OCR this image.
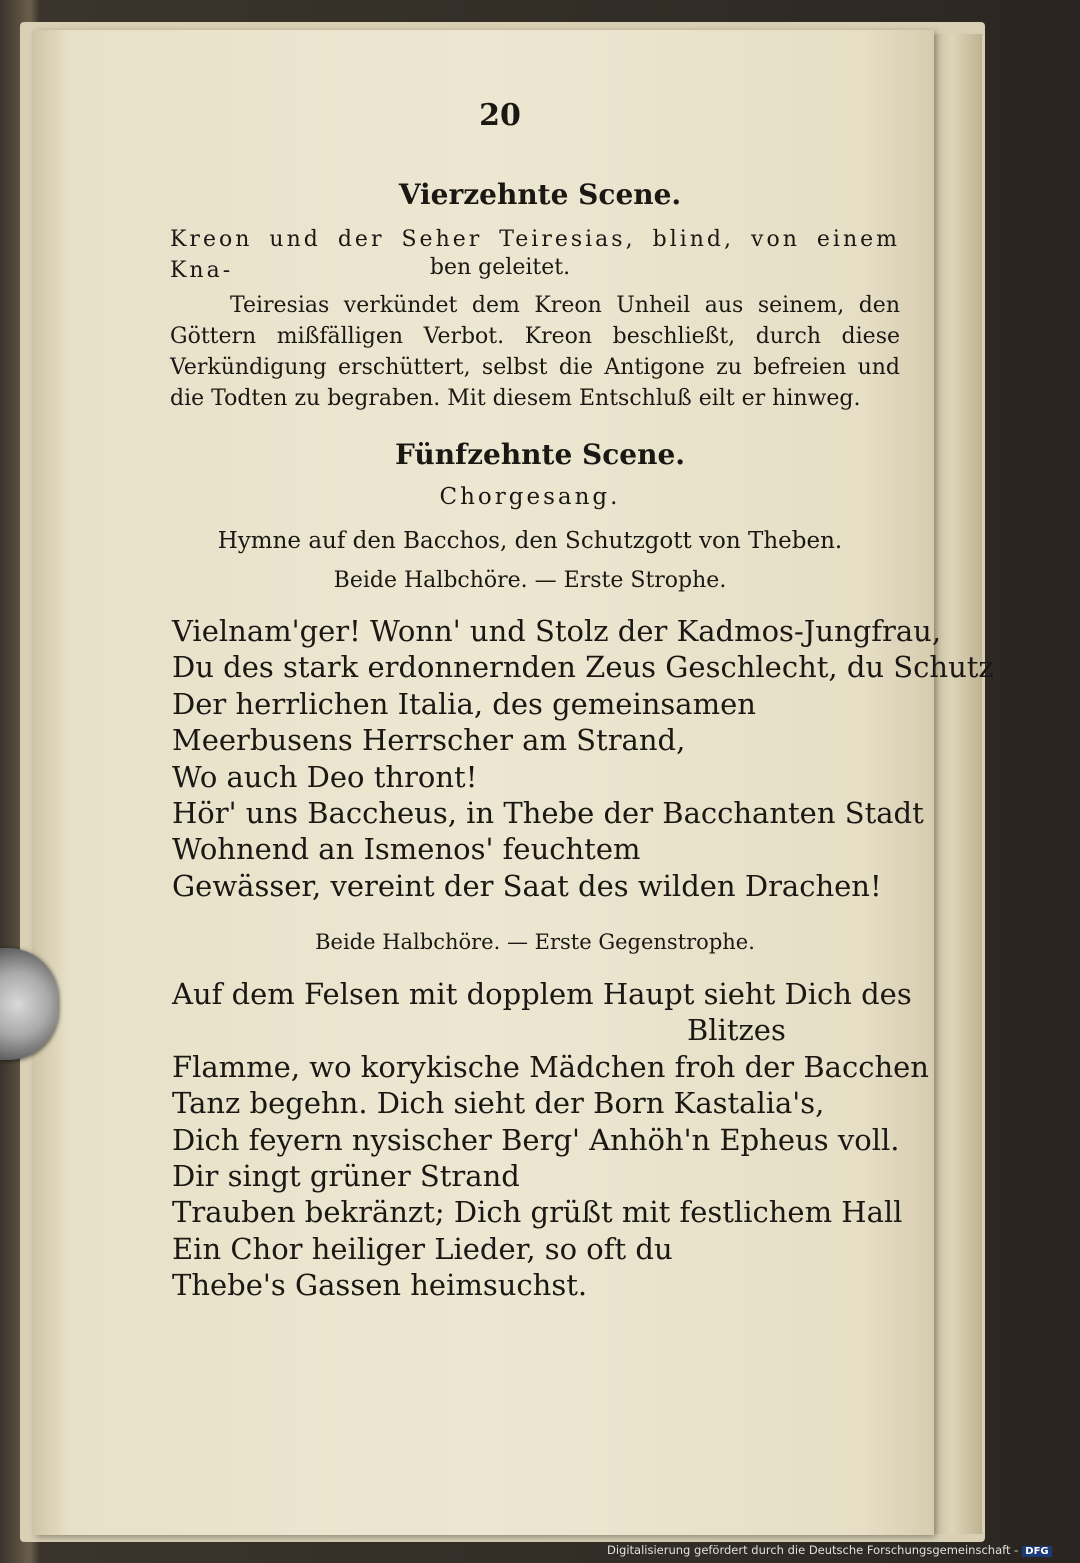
20
Vierzehnte Scene.
Kreon und der Seher Teiresias, blind, von einem Kna-	ben geleitet.
Teiresias verkündet dem Kreon Unheil aus seinem, den Göttern mißfälligen Verbot. Kreon beschließt, durch diese Verkündigung erschüttert, selbst die Antigone zu befreien und die Todten zu begraben. Mit diesem Entschluß eilt er hinweg.
Fünfzehnte Scene.
Chorgesang.
Hymne auf den Bacchos, den Schutzgott von Theben.
Beide Halbchöre. — Erste Strophe.
Vielnam'ger! Wonn' und Stolz der Kadmos-Jungfrau,
Du des stark erdonnernden Zeus Geschlecht, du Schutz
Der herrlichen Italia, des gemeinsamen
Meerbusens Herrscher am Strand,
Wo auch Deo thront!
Hör' uns Baccheus, in Thebe der Bacchanten Stadt
Wohnend an Ismenos' feuchtem
Gewässer, vereint der Saat des wilden Drachen!
Beide Halbchöre. — Erste Gegenstrophe.
Auf dem Felsen mit dopplem Haupt sieht Dich des
Blitzes
Flamme, wo korykische Mädchen froh der Bacchen
Tanz begehn. Dich sieht der Born Kastalia's,
Dich feyern nysischer Berg' Anhöh'n Epheus voll.
Dir singt grüner Strand
Trauben bekränzt; Dich grüßt mit festlichem Hall
Ein Chor heiliger Lieder, so oft du
Thebe's Gassen heimsuchst.
Digitalisierung gefördert durch die Deutsche Forschungsgemeinschaft - DFG
